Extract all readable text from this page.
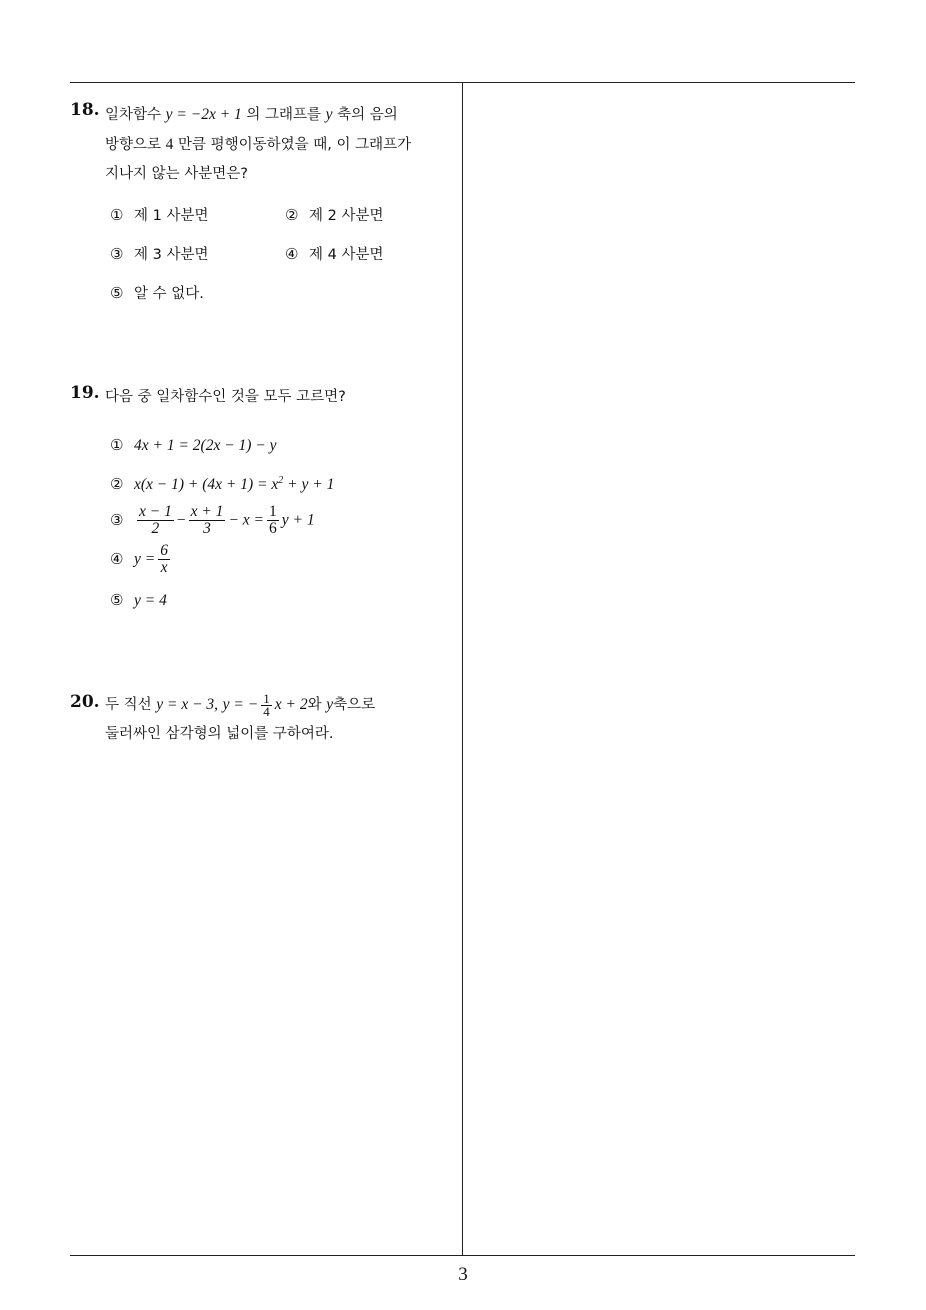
18. 일차함수 y = −2x + 1 의 그래프를 y 축의 음의
방향으로 4 만큼 평행이동하였을 때, 이 그래프가
지나지 않는 사분면은?
① 제 1 사분면	② 제 2 사분면
③ 제 3 사분면	④ 제 4 사분면
⑤ 알 수 없다.
19. 다음 중 일차함수인 것을 모두 고르면?
① 4x + 1 = 2(2x − 1) − y
② $x(x - 1) + (4x + 1) = x^2 + y + 1$
③ $\frac{x - 1}{2} - \frac{x + 1}{3} - x = \frac{1}{6}$ y + 1
④ $y = \frac{6}{x}$
⑤ y = 4
20. 두 직선 y = x − 3, y = − $\frac{1}{4}$ x + 2와 y축으로
둘러싸인 삼각형의 넓이를 구하여라.
3
